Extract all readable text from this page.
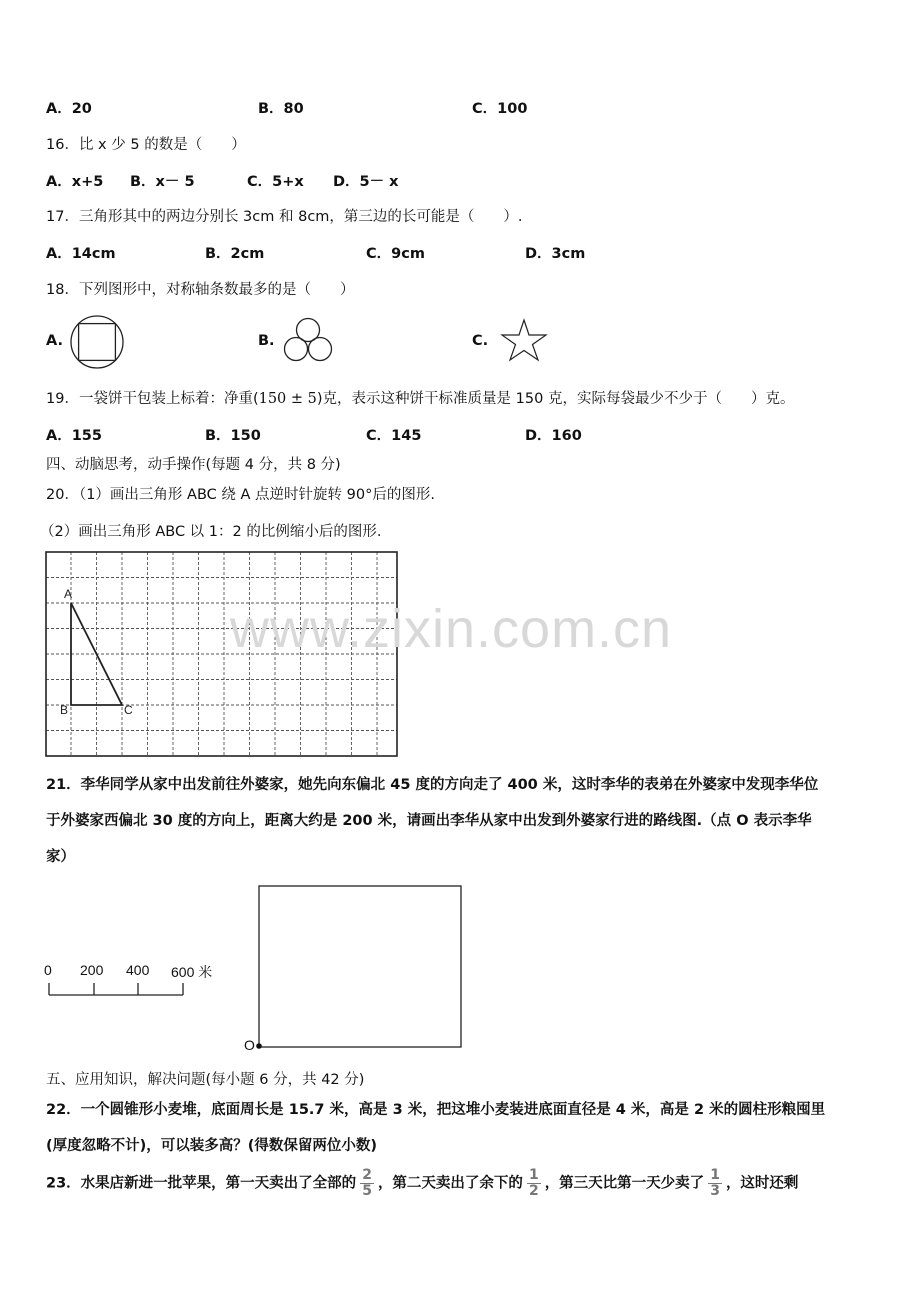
A．20	B．80	C．100
16．比 x 少 5 的数是（　　）
A．x+5 B．x－ 5	C．5+x D．5－ x
17．三角形其中的两边分别长 3cm 和 8cm，第三边的长可能是（　　）.
A．14cm	B．2cm	C．9cm	D．3cm
18．下列图形中，对称轴条数最多的是（　　）
A.	B.	C.
19．一袋饼干包装上标着：净重(150 ± 5)克，表示这种饼干标准质量是 150 克，实际每袋最少不少于（　　）克。
A．155	B．150	C．145	D．160
四、动脑思考，动手操作(每题 4 分，共 8 分)
20．（1）画出三角形 ABC 绕 A 点逆时针旋转 90°后的图形.
（2）画出三角形 ABC 以 1：2 的比例缩小后的图形.
A
B	C
www.zixin.com.cn
21．李华同学从家中出发前往外婆家，她先向东偏北 45 度的方向走了 400 米，这时李华的表弟在外婆家中发现李华位
于外婆家西偏北 30 度的方向上，距离大约是 200 米，请画出李华从家中出发到外婆家行进的路线图.（点 O 表示李华
家）
0 200 400 600 米
O
五、应用知识，解决问题(每小题 6 分，共 42 分)
22．一个圆锥形小麦堆，底面周长是 15.7 米，高是 3 米，把这堆小麦装进底面直径是 4 米，高是 2 米的圆柱形粮囤里
(厚度忽略不计)，可以装多高？(得数保留两位小数)
23．水果店新进一批苹果，第一天卖出了全部的 $\frac{2}{5}$ ，第二天卖出了余下的 $\frac{1}{2}$ ，第三天比第一天少卖了 $\frac{1}{3}$ ，这时还剩
